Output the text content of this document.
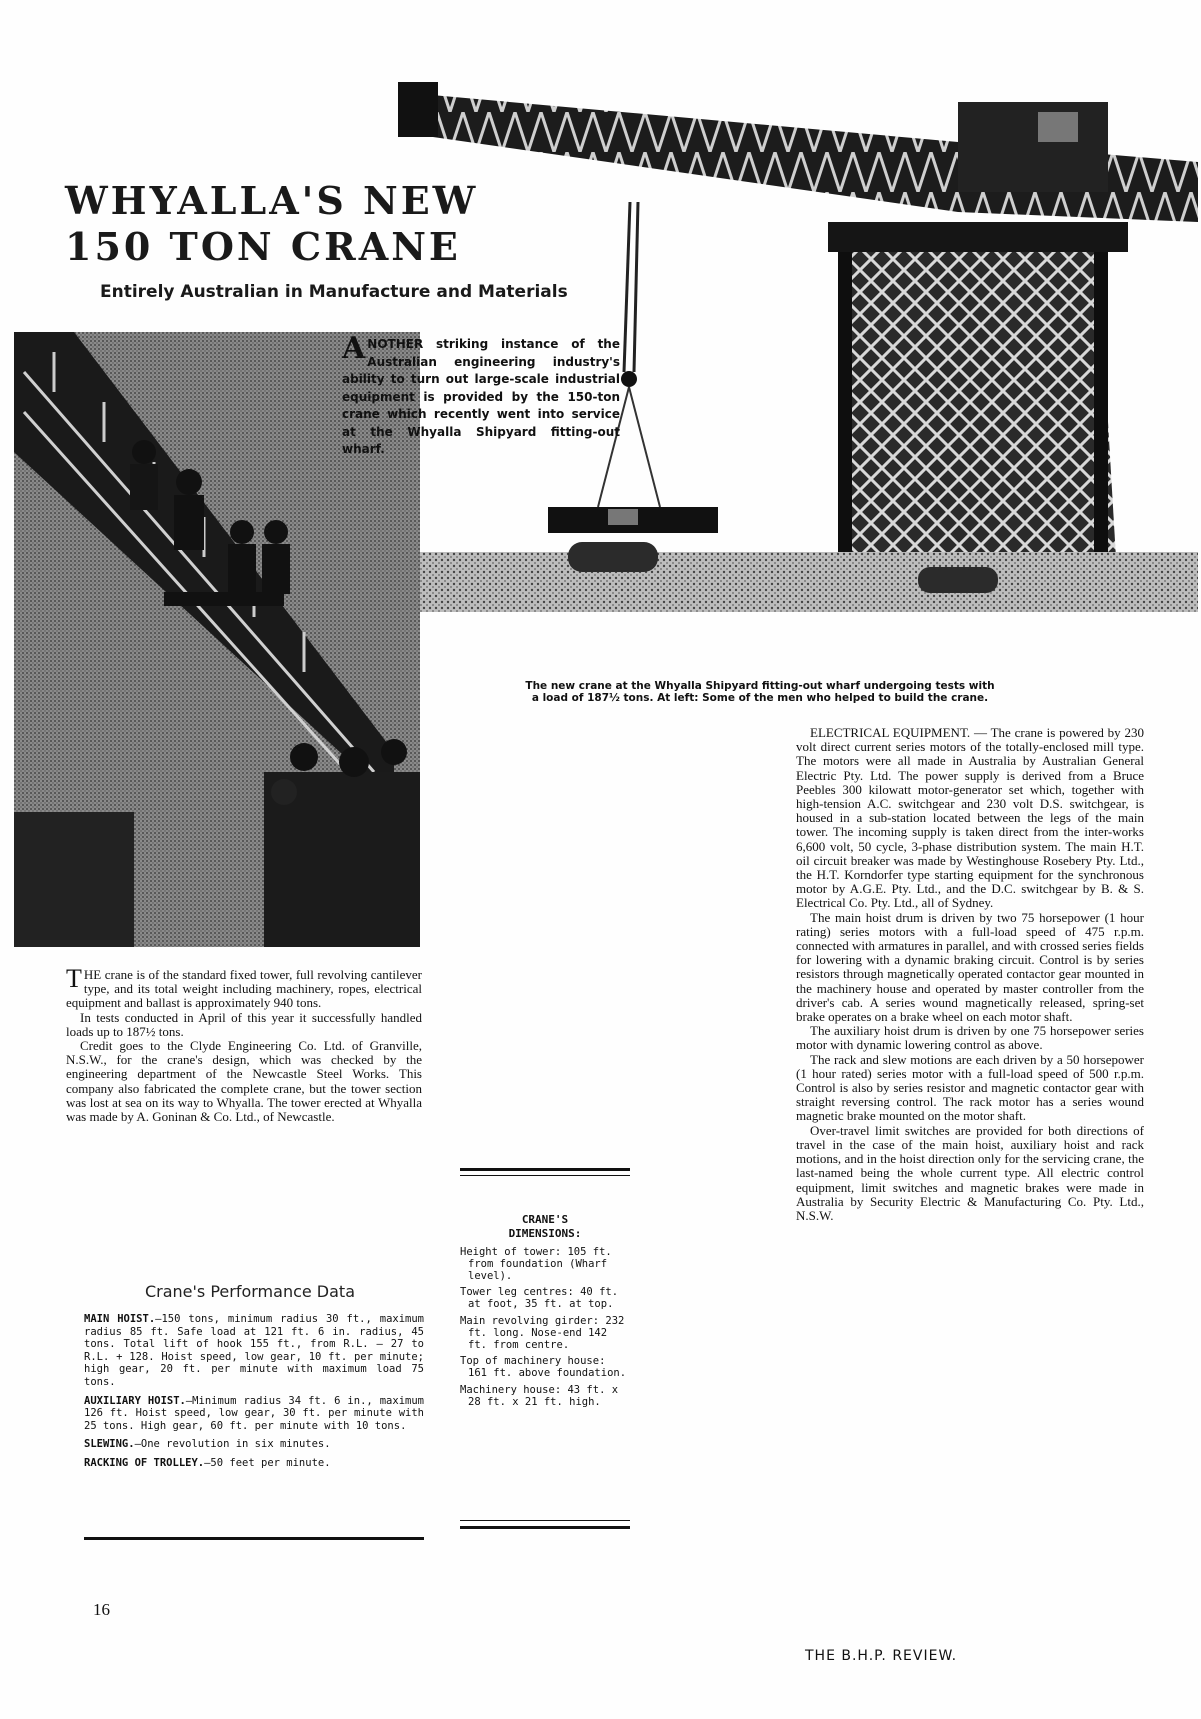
WHYALLA'S NEW
150 TON CRANE
Entirely Australian in Manufacture and Materials
ANOTHER striking instance of the Australian engineering industry's ability to turn out large-scale industrial equipment is provided by the 150-ton crane which recently went into service at the Whyalla Shipyard fitting-out wharf.
The new crane at the Whyalla Shipyard fitting-out wharf undergoing tests with
a load of 187½ tons. At left: Some of the men who helped to build the crane.

THE crane is of the standard fixed tower, full revolving cantilever type, and its total weight including machinery, ropes, electrical equipment and ballast is approximately 940 tons.

In tests conducted in April of this year it successfully handled loads up to 187½ tons.

Credit goes to the Clyde Engineering Co. Ltd. of Granville, N.S.W., for the crane's design, which was checked by the engineering department of the Newcastle Steel Works. This company also fabricated the complete crane, but the tower section was lost at sea on its way to Whyalla. The tower erected at Whyalla was made by A. Goninan & Co. Ltd., of Newcastle.

Crane's Performance Data

MAIN HOIST.—150 tons, minimum radius 30 ft., maximum radius 85 ft. Safe load at 121 ft. 6 in. radius, 45 tons. Total lift of hook 155 ft., from R.L. — 27 to R.L. + 128. Hoist speed, low gear, 10 ft. per minute; high gear, 20 ft. per minute with maximum load 75 tons.

AUXILIARY HOIST.—Minimum radius 34 ft. 6 in., maximum 126 ft. Hoist speed, low gear, 30 ft. per minute with 25 tons. High gear, 60 ft. per minute with 10 tons.

SLEWING.—One revolution in six minutes.

RACKING OF TROLLEY.—50 feet per minute.

CRANE'S
DIMENSIONS:

Height of tower: 105 ft. from foundation (Wharf level).

Tower leg centres: 40 ft. at foot, 35 ft. at top.

Main revolving girder: 232 ft. long. Nose-end 142 ft. from centre.

Top of machinery house: 161 ft. above foundation.

Machinery house: 43 ft. x 28 ft. x 21 ft. high.

ELECTRICAL EQUIPMENT. — The crane is powered by 230 volt direct current series motors of the totally-enclosed mill type. The motors were all made in Australia by Australian General Electric Pty. Ltd. The power supply is derived from a Bruce Peebles 300 kilowatt motor-generator set which, together with high-tension A.C. switchgear and 230 volt D.S. switchgear, is housed in a sub-station located between the legs of the main tower. The incoming supply is taken direct from the inter-works 6,600 volt, 50 cycle, 3-phase distribution system. The main H.T. oil circuit breaker was made by Westinghouse Rosebery Pty. Ltd., the H.T. Korndorfer type starting equipment for the synchronous motor by A.G.E. Pty. Ltd., and the D.C. switchgear by B. & S. Electrical Co. Pty. Ltd., all of Sydney.

The main hoist drum is driven by two 75 horsepower (1 hour rating) series motors with a full-load speed of 475 r.p.m. connected with armatures in parallel, and with crossed series fields for lowering with a dynamic braking circuit. Control is by series resistors through magnetically operated contactor gear mounted in the machinery house and operated by master controller from the driver's cab. A series wound magnetically released, spring-set brake operates on a brake wheel on each motor shaft.

The auxiliary hoist drum is driven by one 75 horsepower series motor with dynamic lowering control as above.

The rack and slew motions are each driven by a 50 horsepower (1 hour rated) series motor with a full-load speed of 500 r.p.m. Control is also by series resistor and magnetic contactor gear with straight reversing control. The rack motor has a series wound magnetic brake mounted on the motor shaft.

Over-travel limit switches are provided for both directions of travel in the case of the main hoist, auxiliary hoist and rack motions, and in the hoist direction only for the servicing crane, the last-named being the whole current type. All electric control equipment, limit switches and magnetic brakes were made in Australia by Security Electric & Manufacturing Co. Pty. Ltd., N.S.W.

16
THE B.H.P. REVIEW.
